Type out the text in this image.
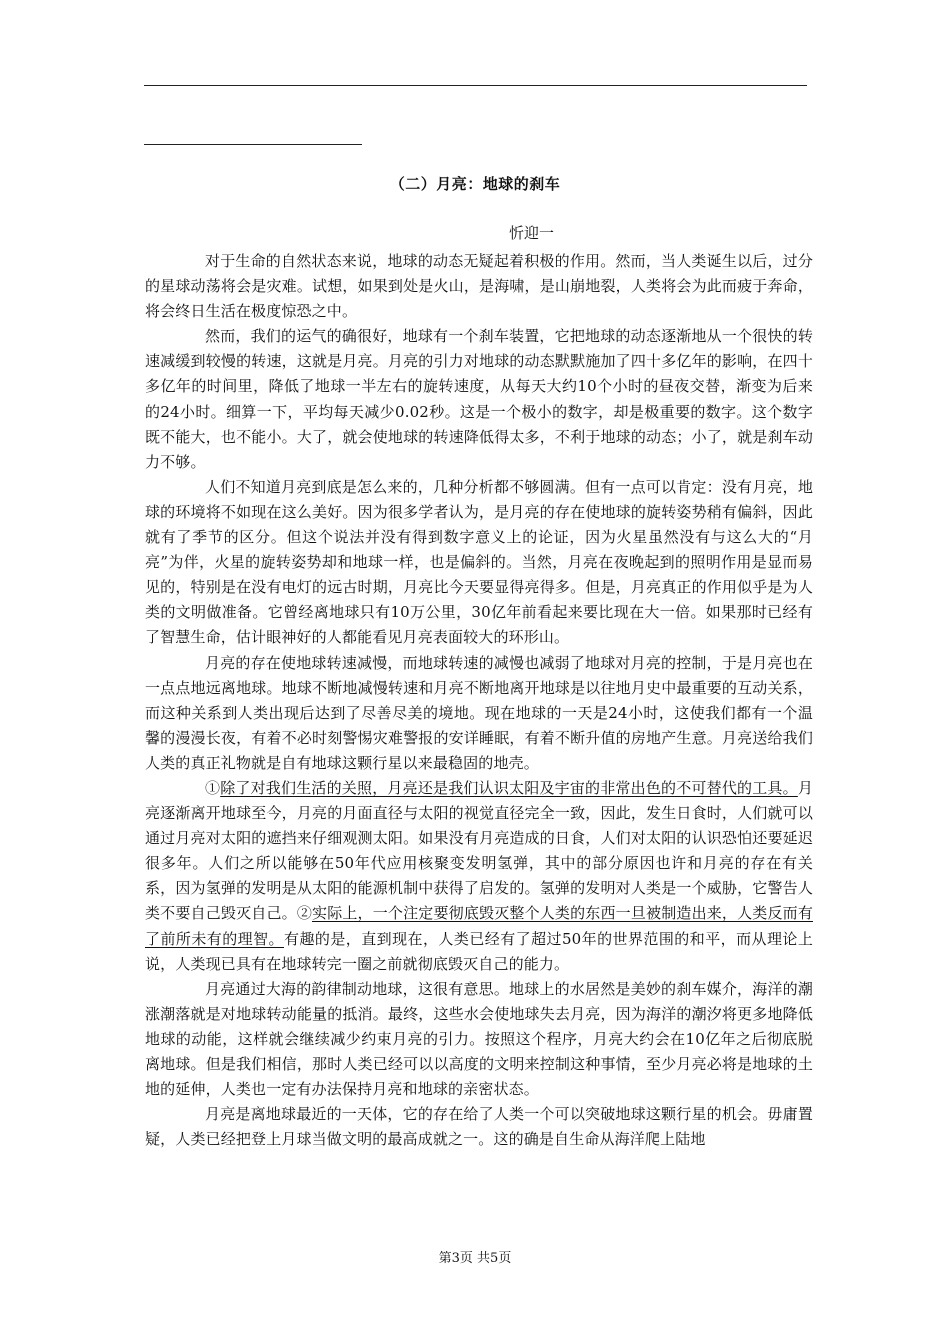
（二）月亮：地球的刹车
忻迎一

对于生命的自然状态来说，地球的动态无疑起着积极的作用。然而，当人类诞生以后，过分的星球动荡将会是灾难。试想，如果到处是火山，是海啸，是山崩地裂，人类将会为此而疲于奔命，将会终日生活在极度惊恐之中。

然而，我们的运气的确很好，地球有一个刹车装置，它把地球的动态逐渐地从一个很快的转速减缓到较慢的转速，这就是月亮。月亮的引力对地球的动态默默施加了四十多亿年的影响，在四十多亿年的时间里，降低了地球一半左右的旋转速度，从每天大约10个小时的昼夜交替，渐变为后来的24小时。细算一下，平均每天减少0.02秒。这是一个极小的数字，却是极重要的数字。这个数字既不能大，也不能小。大了，就会使地球的转速降低得太多，不利于地球的动态；小了，就是刹车动力不够。

人们不知道月亮到底是怎么来的，几种分析都不够圆满。但有一点可以肯定：没有月亮，地球的环境将不如现在这么美好。因为很多学者认为，是月亮的存在使地球的旋转姿势稍有偏斜，因此就有了季节的区分。但这个说法并没有得到数字意义上的论证，因为火星虽然没有与这么大的“月亮”为伴，火星的旋转姿势却和地球一样，也是偏斜的。当然，月亮在夜晚起到的照明作用是显而易见的，特别是在没有电灯的远古时期，月亮比今天要显得亮得多。但是，月亮真正的作用似乎是为人类的文明做准备。它曾经离地球只有10万公里，30亿年前看起来要比现在大一倍。如果那时已经有了智慧生命，估计眼神好的人都能看见月亮表面较大的环形山。

月亮的存在使地球转速减慢，而地球转速的减慢也减弱了地球对月亮的控制，于是月亮也在一点点地远离地球。地球不断地减慢转速和月亮不断地离开地球是以往地月史中最重要的互动关系，而这种关系到人类出现后达到了尽善尽美的境地。现在地球的一天是24小时，这使我们都有一个温馨的漫漫长夜，有着不必时刻警惕灾难警报的安详睡眠，有着不断升值的房地产生意。月亮送给我们人类的真正礼物就是自有地球这颗行星以来最稳固的地壳。

①除了对我们生活的关照，月亮还是我们认识太阳及宇宙的非常出色的不可替代的工具。月亮逐渐离开地球至今，月亮的月面直径与太阳的视觉直径完全一致，因此，发生日食时，人们就可以通过月亮对太阳的遮挡来仔细观测太阳。如果没有月亮造成的日食，人们对太阳的认识恐怕还要延迟很多年。人们之所以能够在50年代应用核聚变发明氢弹，其中的部分原因也许和月亮的存在有关系，因为氢弹的发明是从太阳的能源机制中获得了启发的。氢弹的发明对人类是一个威胁，它警告人类不要自己毁灭自己。②实际上，一个注定要彻底毁灭整个人类的东西一旦被制造出来，人类反而有了前所未有的理智。有趣的是，直到现在，人类已经有了超过50年的世界范围的和平，而从理论上说，人类现已具有在地球转完一圈之前就彻底毁灭自己的能力。

月亮通过大海的韵律制动地球，这很有意思。地球上的水居然是美妙的刹车媒介，海洋的潮涨潮落就是对地球转动能量的抵消。最终，这些水会使地球失去月亮，因为海洋的潮汐将更多地降低地球的动能，这样就会继续减少约束月亮的引力。按照这个程序，月亮大约会在10亿年之后彻底脱离地球。但是我们相信，那时人类已经可以以高度的文明来控制这种事情，至少月亮必将是地球的土地的延伸，人类也一定有办法保持月亮和地球的亲密状态。

月亮是离地球最近的一天体，它的存在给了人类一个可以突破地球这颗行星的机会。毋庸置疑，人类已经把登上月球当做文明的最高成就之一。这的确是自生命从海洋爬上陆地

第3页 共5页
